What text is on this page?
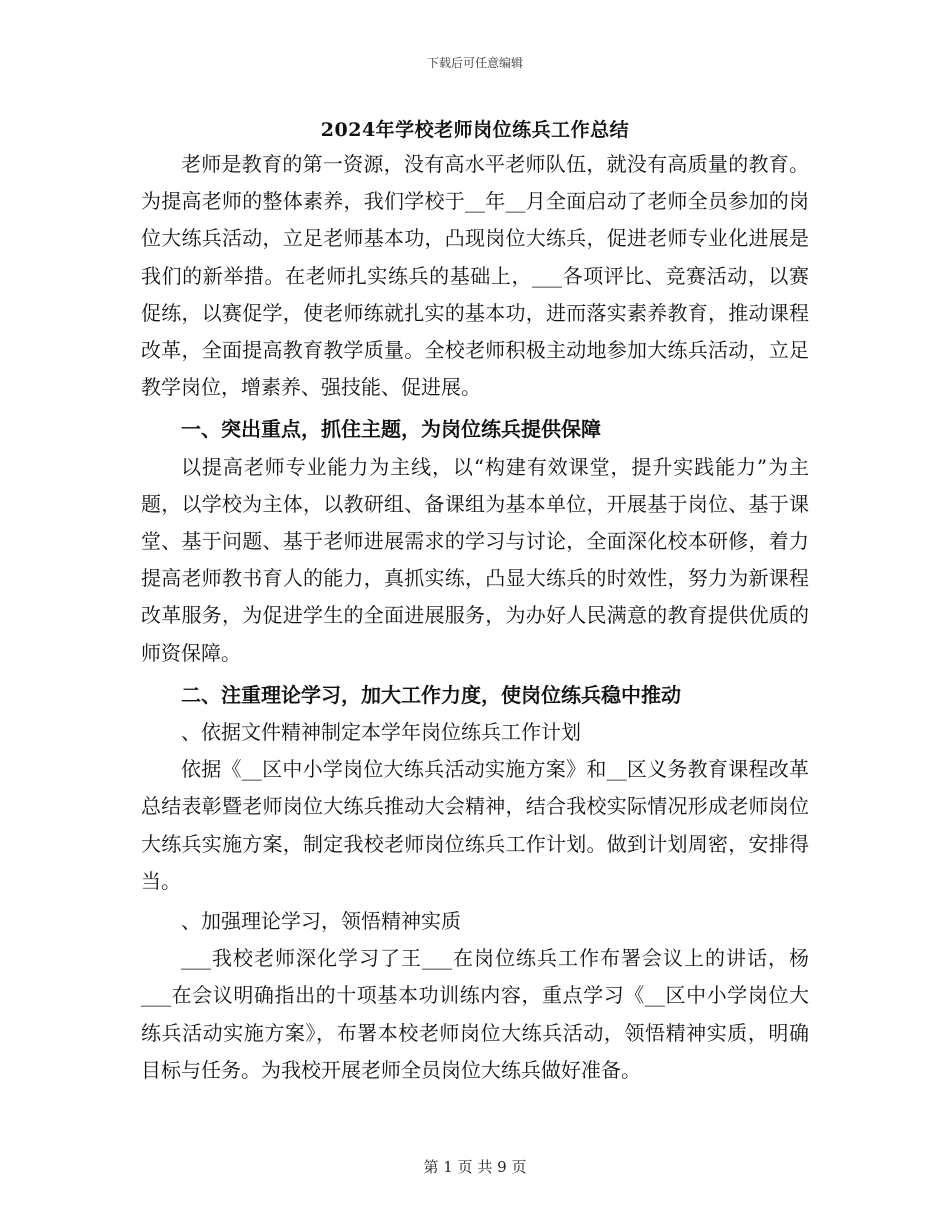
下载后可任意编辑
2024年学校老师岗位练兵工作总结

老师是教育的第一资源，没有高水平老师队伍，就没有高质量的教育。为提高老师的整体素养，我们学校于__年__月全面启动了老师全员参加的岗位大练兵活动，立足老师基本功，凸现岗位大练兵，促进老师专业化进展是我们的新举措。在老师扎实练兵的基础上，___各项评比、竞赛活动，以赛促练，以赛促学，使老师练就扎实的基本功，进而落实素养教育，推动课程改革，全面提高教育教学质量。全校老师积极主动地参加大练兵活动，立足教学岗位，增素养、强技能、促进展。

一、突出重点，抓住主题，为岗位练兵提供保障

以提高老师专业能力为主线，以“构建有效课堂，提升实践能力”为主题，以学校为主体，以教研组、备课组为基本单位，开展基于岗位、基于课堂、基于问题、基于老师进展需求的学习与讨论，全面深化校本研修，着力提高老师教书育人的能力，真抓实练，凸显大练兵的时效性，努力为新课程改革服务，为促进学生的全面进展服务，为办好人民满意的教育提供优质的师资保障。

二、注重理论学习，加大工作力度，使岗位练兵稳中推动

、依据文件精神制定本学年岗位练兵工作计划

依据《__区中小学岗位大练兵活动实施方案》和__区义务教育课程改革总结表彰暨老师岗位大练兵推动大会精神，结合我校实际情况形成老师岗位大练兵实施方案，制定我校老师岗位练兵工作计划。做到计划周密，安排得当。

、加强理论学习，领悟精神实质

___我校老师深化学习了王___在岗位练兵工作布署会议上的讲话，杨___在会议明确指出的十项基本功训练内容，重点学习《__区中小学岗位大练兵活动实施方案》，布署本校老师岗位大练兵活动，领悟精神实质，明确目标与任务。为我校开展老师全员岗位大练兵做好准备。

第 1 页 共 9 页
